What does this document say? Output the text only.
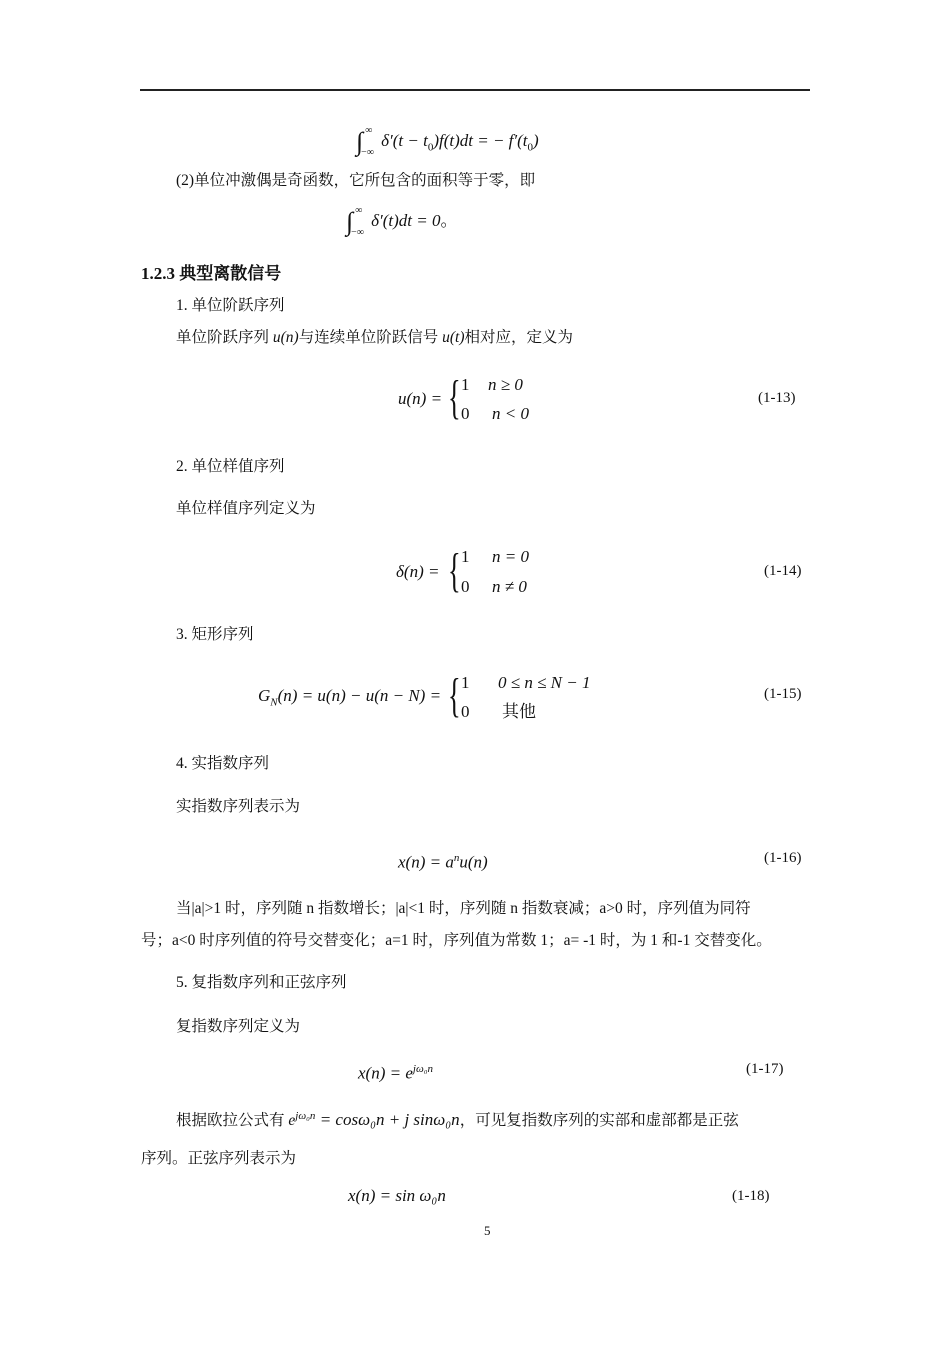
∫ ∞
−∞
$\delta'(t - t_0)f(t)dt$ = − $f'(t_0)$
(2)单位冲激偶是奇函数，它所包含的面积等于零，即
∫ ∞
−∞
δ′(t)dt = 0。
1.2.3 典型离散信号
1. 单位阶跃序列
单位阶跃序列 u(n)与连续单位阶跃信号 u(t)相对应，定义为
u(n) = { 1 n ≥ 0
0 n < 0
(1-13)
2. 单位样值序列
单位样值序列定义为
δ(n) = { 1 n = 0
0 n ≠ 0
(1-14)
3. 矩形序列
$G_N(n) = u(n) - u(n - N)$ = { 1 0 ≤ n ≤ N − 1
0 其他
(1-15)
4. 实指数序列
实指数序列表示为
$x(n) = a^nu(n)$	(1-16)
当|a|>1 时，序列随 n 指数增长；|a|<1 时，序列随 n 指数衰减；a>0 时，序列值为同符
号；a<0 时序列值的符号交替变化；a=1 时，序列值为常数 1；a= -1 时，为 1 和-1 交替变化。
5. 复指数序列和正弦序列
复指数序列定义为
$x(n) = e^{j\omega_0n}$	(1-17)
根据欧拉公式有 $e^{j\omega_0n} = \cos\omega_0n + j$ sinω₀n，可见复指数序列的实部和虚部都是正弦
序列。正弦序列表示为
x(n) = sin ω₀n	(1-18)
5
